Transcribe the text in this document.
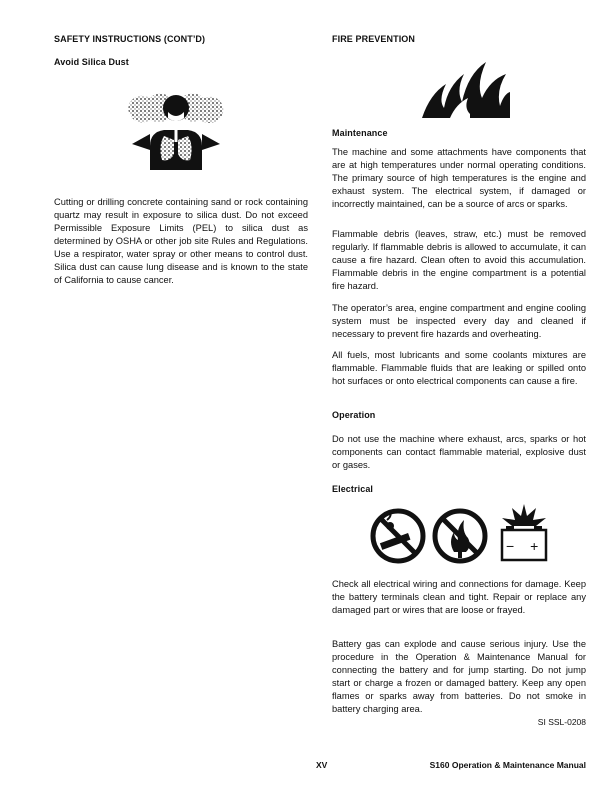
SAFETY INSTRUCTIONS (CONT’D)
Avoid Silica Dust
Cutting or drilling concrete containing sand or rock containing quartz may result in exposure to silica dust. Do not exceed Permissible Exposure Limits (PEL) to silica dust as determined by OSHA or other job site Rules and Regulations. Use a respirator, water spray or other means to control dust. Silica dust can cause lung disease and is known to the state of California to cause cancer.
FIRE PREVENTION
Maintenance
The machine and some attachments have components that are at high temperatures under normal operating conditions. The primary source of high temperatures is the engine and exhaust system. The electrical system, if damaged or incorrectly maintained, can be a source of arcs or sparks.
Flammable debris (leaves, straw, etc.) must be removed regularly. If flammable debris is allowed to accumulate, it can cause a fire hazard. Clean often to avoid this accumulation. Flammable debris in the engine compartment is a potential fire hazard.
The operator’s area, engine compartment and engine cooling system must be inspected every day and cleaned if necessary to prevent fire hazards and overheating.
All fuels, most lubricants and some coolants mixtures are flammable. Flammable fluids that are leaking or spilled onto hot surfaces or onto electrical components can cause a fire.
Operation
Do not use the machine where exhaust, arcs, sparks or hot components can contact flammable material, explosive dust or gases.
Electrical
− +
Check all electrical wiring and connections for damage. Keep the battery terminals clean and tight. Repair or replace any damaged part or wires that are loose or frayed.
Battery gas can explode and cause serious injury. Use the procedure in the Operation & Maintenance Manual for connecting the battery and for jump starting. Do not jump start or charge a frozen or damaged battery. Keep any open flames or sparks away from batteries. Do not smoke in battery charging area.
SI SSL-0208
XV	S160 Operation & Maintenance Manual
